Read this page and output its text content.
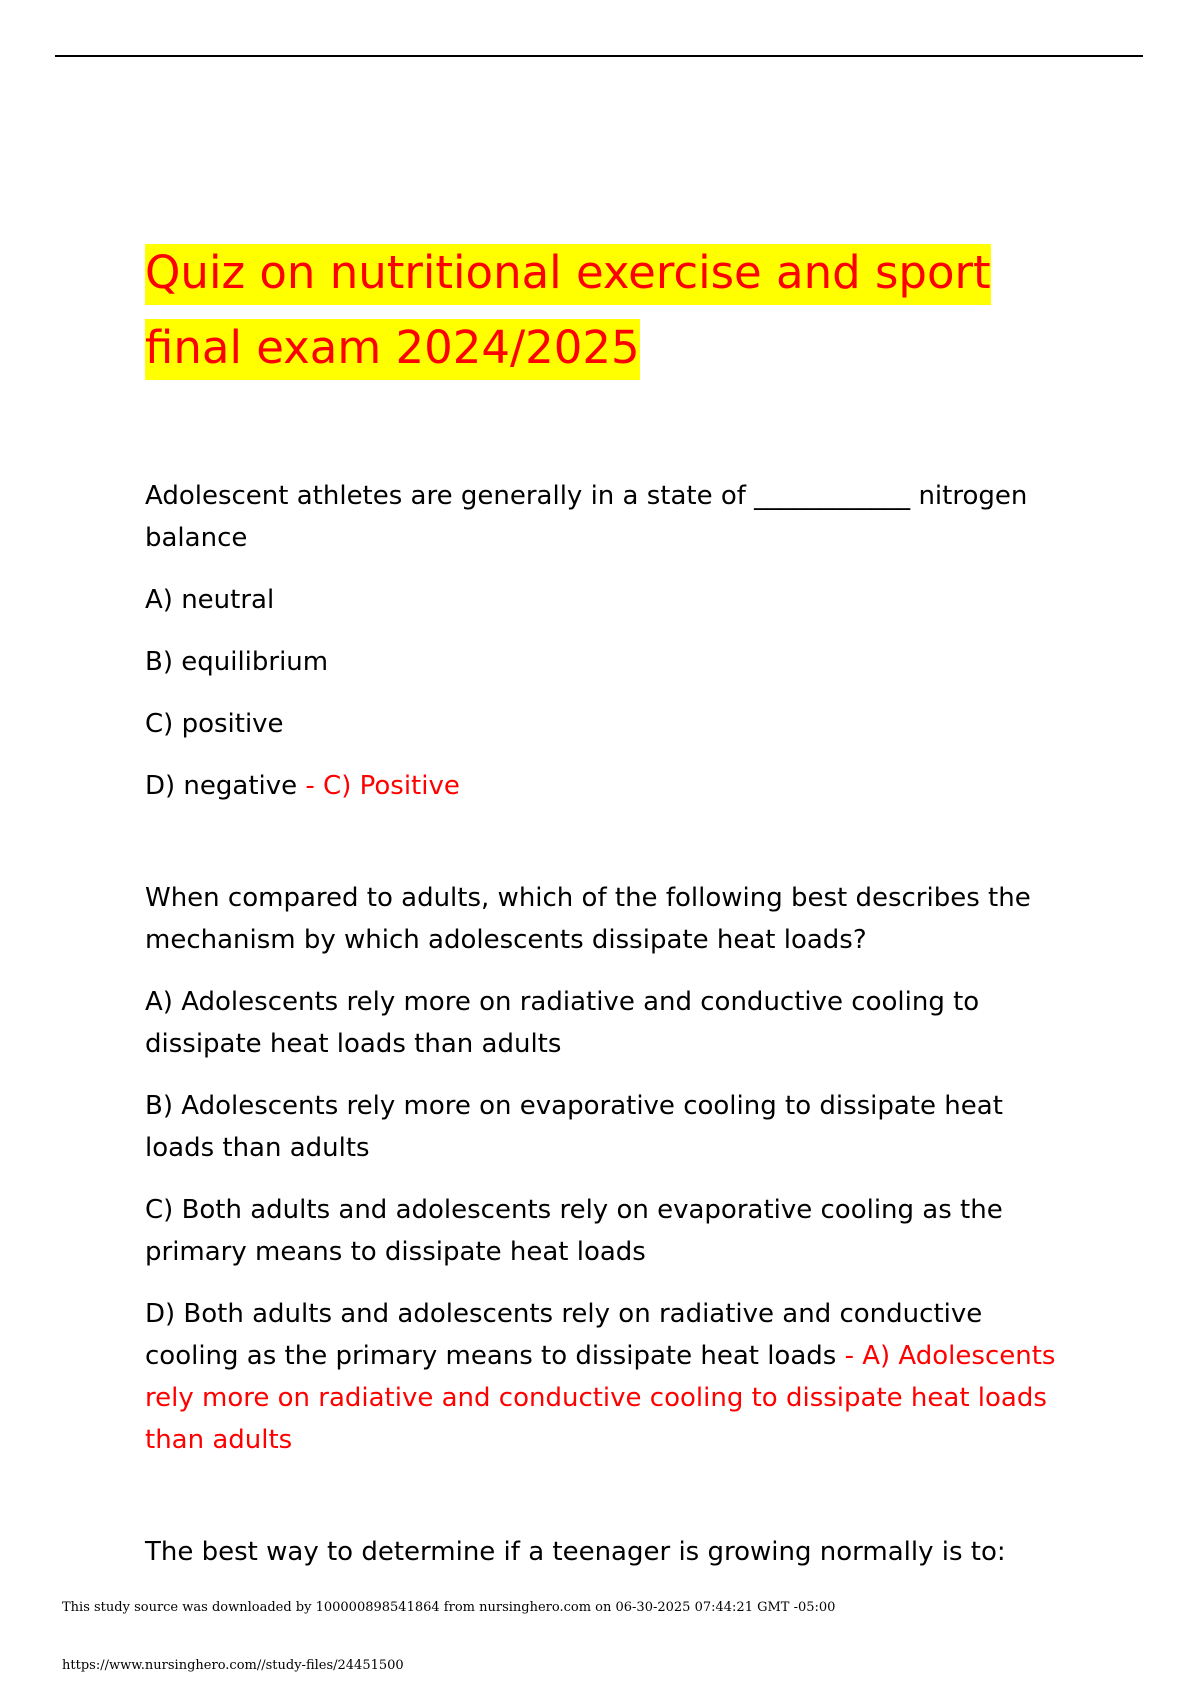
Quiz on nutritional exercise and sport final exam 2024/2025

Adolescent athletes are generally in a state of ____________ nitrogen balance

A) neutral

B) equilibrium

C) positive

D) negative - C) Positive

When compared to adults, which of the following best describes the mechanism by which adolescents dissipate heat loads?

A) Adolescents rely more on radiative and conductive cooling to dissipate heat loads than adults

B) Adolescents rely more on evaporative cooling to dissipate heat loads than adults

C) Both adults and adolescents rely on evaporative cooling as the primary means to dissipate heat loads

D) Both adults and adolescents rely on radiative and conductive cooling as the primary means to dissipate heat loads - A) Adolescents rely more on radiative and conductive cooling to dissipate heat loads than adults

The best way to determine if a teenager is growing normally is to:

This study source was downloaded by 100000898541864 from nursinghero.com on 06-30-2025 07:44:21 GMT -05:00
https://www.nursinghero.com//study-files/24451500
